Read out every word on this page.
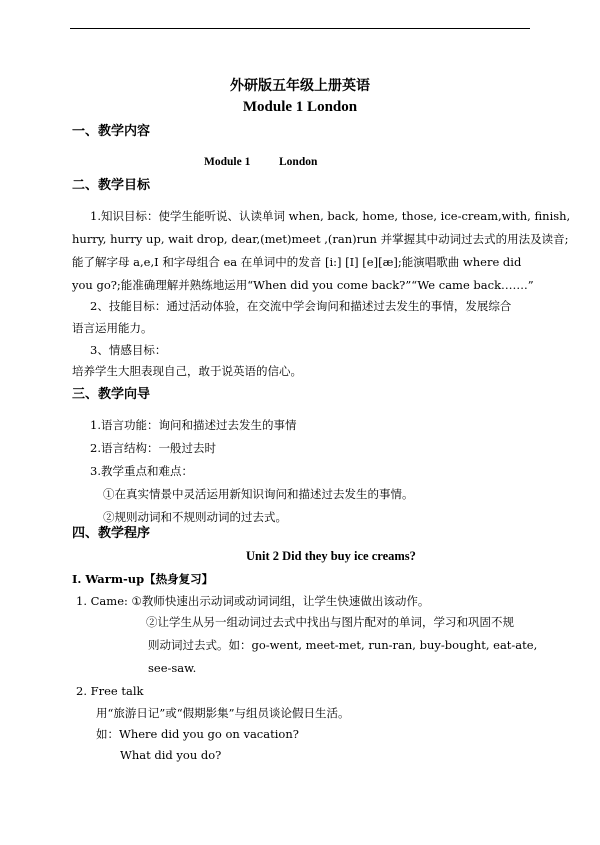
外研版五年级上册英语
Module 1 London
一、教学内容
Module 1 London
二、教学目标
1.知识目标：使学生能听说、认读单词 when, back, home, those, ice-cream,with, finish,
hurry, hurry up, wait drop, dear,(met)meet ,(ran)run 并掌握其中动词过去式的用法及读音;
能了解字母 a,e,I 和字母组合 ea 在单词中的发音 [i:] [I] [e][æ];能演唱歌曲 where did
you go?;能准确理解并熟练地运用“When did you come back?”“We came back…….”
2、技能目标：通过活动体验，在交流中学会询问和描述过去发生的事情，发展综合
语言运用能力。
3、情感目标：
培养学生大胆表现自己，敢于说英语的信心。
三、教学向导
1.语言功能：询问和描述过去发生的事情
2.语言结构：一般过去时
3.教学重点和难点：
①在真实情景中灵活运用新知识询问和描述过去发生的事情。
②规则动词和不规则动词的过去式。
四、教学程序
Unit 2 Did they buy ice creams?
Ⅰ. Warm-up【热身复习】
1. Came: ①教师快速出示动词或动词词组，让学生快速做出该动作。
②让学生从另一组动词过去式中找出与图片配对的单词，学习和巩固不规
则动词过去式。如：go-went, meet-met, run-ran, buy-bought, eat-ate,
see-saw.
2. Free talk
用“旅游日记”或“假期影集”与组员谈论假日生活。
如：Where did you go on vacation?
What did you do?
